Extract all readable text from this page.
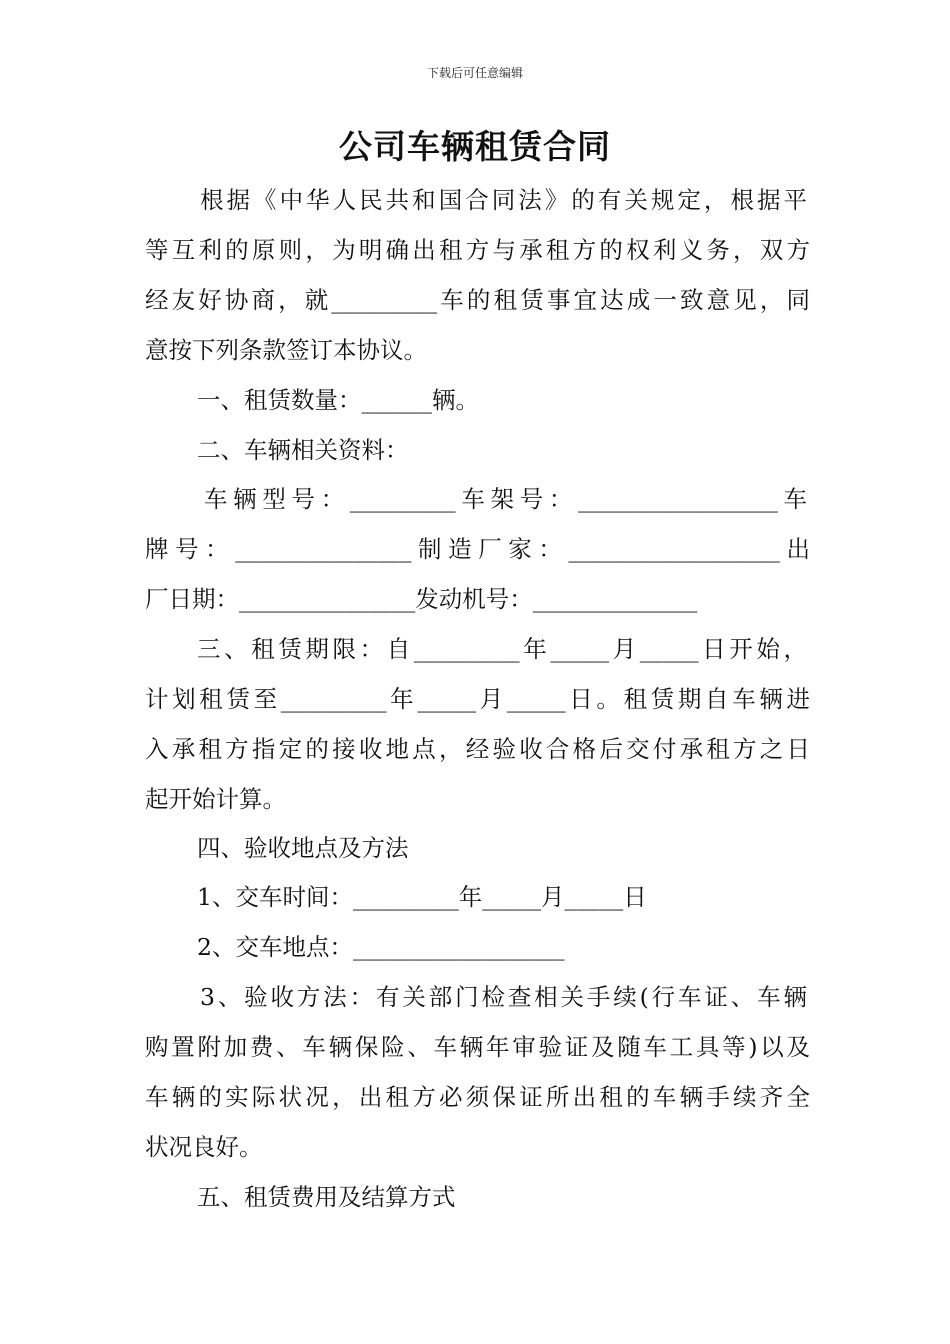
下载后可任意编辑
公司车辆租赁合同
根据《中华人民共和国合同法》的有关规定，根据平
等互利的原则，为明确出租方与承租方的权利义务，双方
经友好协商，就_________车的租赁事宜达成一致意见，同
意按下列条款签订本协议。
一、租赁数量：______辆。
二、车辆相关资料：
车辆型号：_________车架号：_________________车
牌号：_______________制造厂家：__________________出
厂日期：_______________发动机号：______________
三、租赁期限：自_________年_____月_____日开始，
计划租赁至_________年_____月_____日。租赁期自车辆进
入承租方指定的接收地点，经验收合格后交付承租方之日
起开始计算。
四、验收地点及方法
1、交车时间：_________年_____月_____日
2、交车地点：__________________
3、验收方法：有关部门检查相关手续(行车证、车辆
购置附加费、车辆保险、车辆年审验证及随车工具等)以及
车辆的实际状况，出租方必须保证所出租的车辆手续齐全
状况良好。
五、租赁费用及结算方式
